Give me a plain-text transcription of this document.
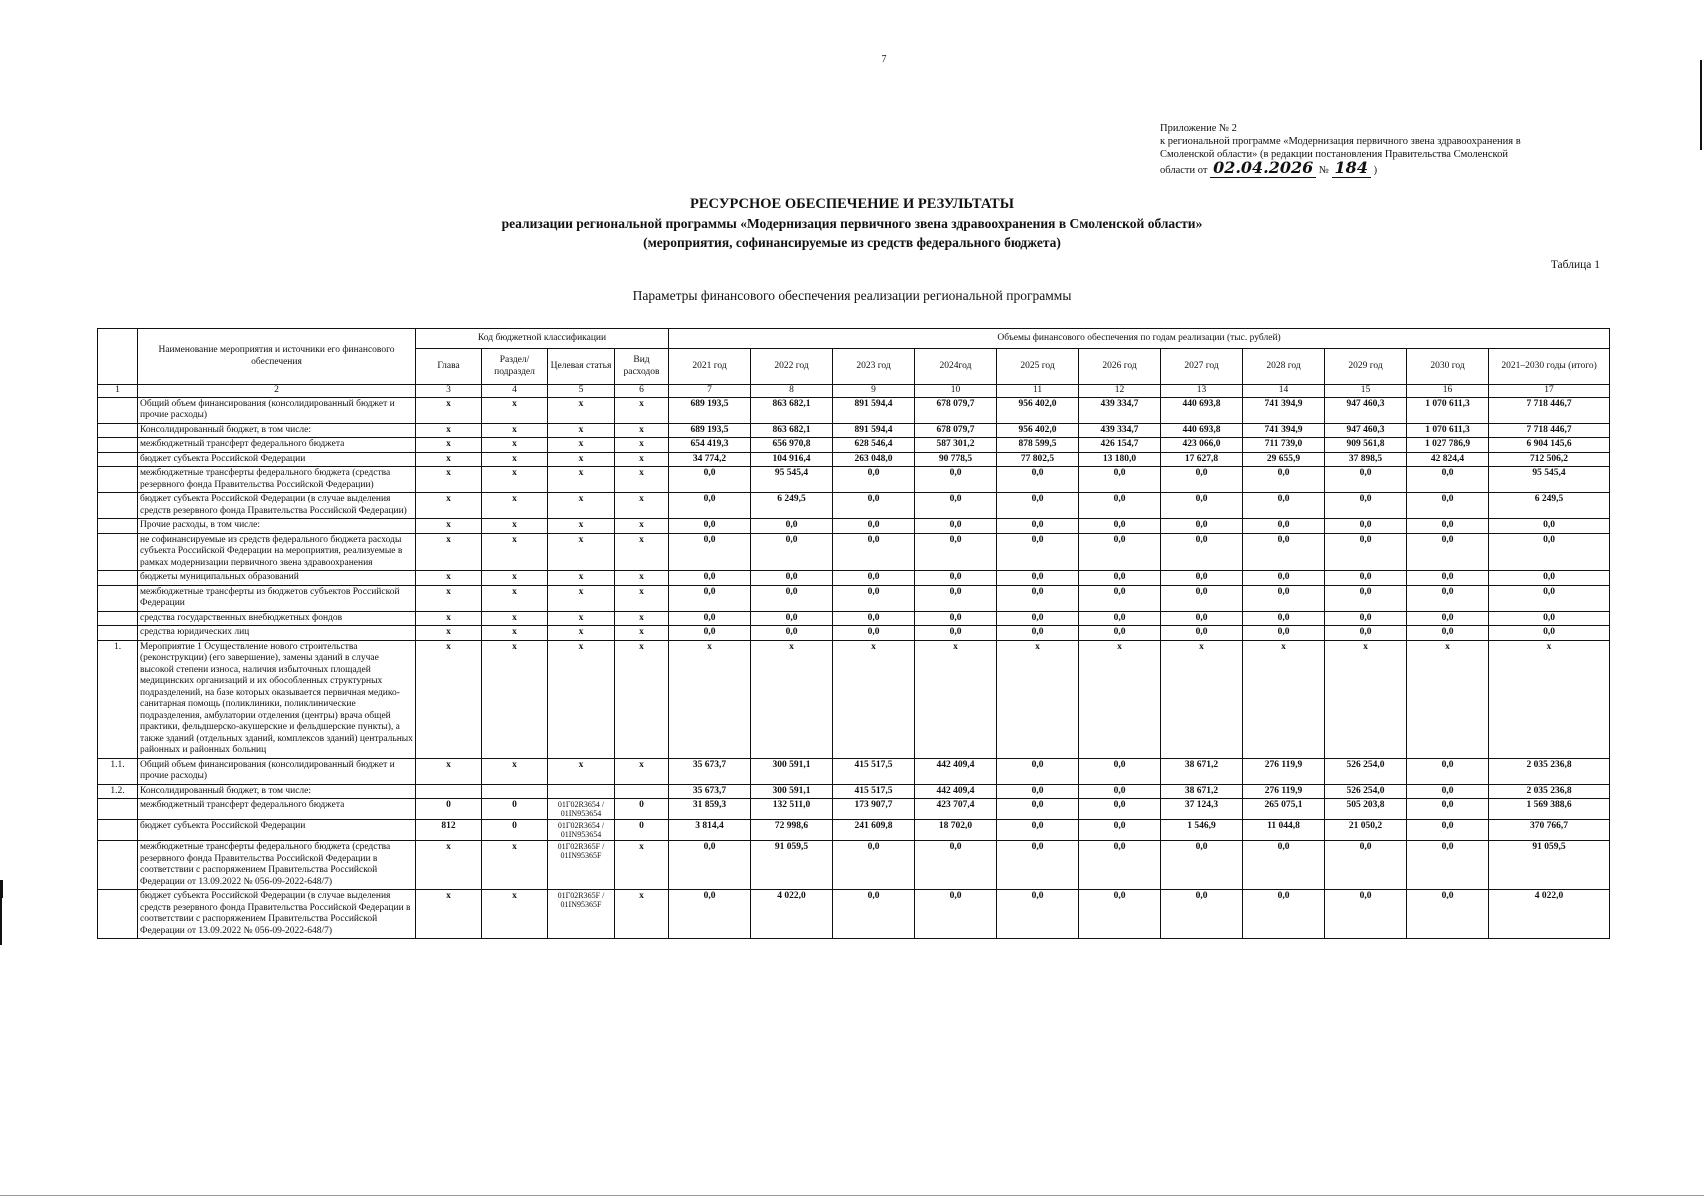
7
Приложение № 2
к региональной программе «Модернизация первичного звена здравоохранения в
Смоленской области» (в редакции постановления Правительства Смоленской
области от 02.04.2026 № 184 )
РЕСУРСНОЕ ОБЕСПЕЧЕНИЕ И РЕЗУЛЬТАТЫ
реализации региональной программы «Модернизация первичного звена здравоохранения в Смоленской области»
(мероприятия, софинансируемые из средств федерального бюджета)
Таблица 1
Параметры финансового обеспечения реализации региональной программы
	Наименование мероприятия и источники его финансового обеспечения	Код бюджетной классификации				Объемы финансового обеспечения по годам реализации (тыс. рублей)										
		Глава	Раздел/ подраздел	Целевая статья	Вид расходов	2021 год	2022 год	2023 год	2024год	2025 год	2026 год	2027 год	2028 год	2029 год	2030 год	2021–2030 годы (итого)
1	2	3	4	5	6	7	8	9	10	11	12	13	14	15	16	17
	Общий объем финансирования (консолидированный бюджет и прочие расходы)	x	x	x	x	689 193,5	863 682,1	891 594,4	678 079,7	956 402,0	439 334,7	440 693,8	741 394,9	947 460,3	1 070 611,3	7 718 446,7
	Консолидированный бюджет, в том числе:	x	x	x	x	689 193,5	863 682,1	891 594,4	678 079,7	956 402,0	439 334,7	440 693,8	741 394,9	947 460,3	1 070 611,3	7 718 446,7
	межбюджетный трансферт федерального бюджета	x	x	x	x	654 419,3	656 970,8	628 546,4	587 301,2	878 599,5	426 154,7	423 066,0	711 739,0	909 561,8	1 027 786,9	6 904 145,6
	бюджет субъекта Российской Федерации	x	x	x	x	34 774,2	104 916,4	263 048,0	90 778,5	77 802,5	13 180,0	17 627,8	29 655,9	37 898,5	42 824,4	712 506,2
	межбюджетные трансферты федерального бюджета (средства резервного фонда Правительства Российской Федерации)	x	x	x	x	0,0	95 545,4	0,0	0,0	0,0	0,0	0,0	0,0	0,0	0,0	95 545,4
	бюджет субъекта Российской Федерации (в случае выделения средств резервного фонда Правительства Российской Федерации)	x	x	x	x	0,0	6 249,5	0,0	0,0	0,0	0,0	0,0	0,0	0,0	0,0	6 249,5
	Прочие расходы, в том числе:	x	x	x	x	0,0	0,0	0,0	0,0	0,0	0,0	0,0	0,0	0,0	0,0	0,0
	не софинансируемые из средств федерального бюджета расходы субъекта Российской Федерации на мероприятия, реализуемые в рамках модернизации первичного звена здравоохранения	x	x	x	x	0,0	0,0	0,0	0,0	0,0	0,0	0,0	0,0	0,0	0,0	0,0
	бюджеты муниципальных образований	x	x	x	x	0,0	0,0	0,0	0,0	0,0	0,0	0,0	0,0	0,0	0,0	0,0
	межбюджетные трансферты из бюджетов субъектов Российской Федерации	x	x	x	x	0,0	0,0	0,0	0,0	0,0	0,0	0,0	0,0	0,0	0,0	0,0
	средства государственных внебюджетных фондов	x	x	x	x	0,0	0,0	0,0	0,0	0,0	0,0	0,0	0,0	0,0	0,0	0,0
	средства юридических лиц	x	x	x	x	0,0	0,0	0,0	0,0	0,0	0,0	0,0	0,0	0,0	0,0	0,0
1.	Мероприятие 1 Осуществление нового строительства (реконструкции) (его завершение), замены зданий в случае высокой степени износа, наличия избыточных площадей медицинских организаций и их обособленных структурных подразделений, на базе которых оказывается первичная медико-санитарная помощь (поликлиники, поликлинические подразделения, амбулатории отделения (центры) врача общей практики, фельдшерско-акушерские и фельдшерские пункты), а также зданий (отдельных зданий, комплексов зданий) центральных районных и районных больниц	x	x	x	x	x	x	x	x	x	x	x	x	x	x	x
1.1.	Общий объем финансирования (консолидированный бюджет и прочие расходы)	x	x	x	x	35 673,7	300 591,1	415 517,5	442 409,4	0,0	0,0	38 671,2	276 119,9	526 254,0	0,0	2 035 236,8
1.2.	Консолидированный бюджет, в том числе:					35 673,7	300 591,1	415 517,5	442 409,4	0,0	0,0	38 671,2	276 119,9	526 254,0	0,0	2 035 236,8
	межбюджетный трансферт федерального бюджета	0	0	01Г02R3654 / 01IN953654	0	31 859,3	132 511,0	173 907,7	423 707,4	0,0	0,0	37 124,3	265 075,1	505 203,8	0,0	1 569 388,6
	бюджет субъекта Российской Федерации	812	0	01Г02R3654 / 01IN953654	0	3 814,4	72 998,6	241 609,8	18 702,0	0,0	0,0	1 546,9	11 044,8	21 050,2	0,0	370 766,7
	межбюджетные трансферты федерального бюджета (средства резервного фонда Правительства Российской Федерации в соответствии с распоряжением Правительства Российской Федерации от 13.09.2022 № 056-09-2022-648/7)	x	x	01Г02R365F / 01IN95365F	x	0,0	91 059,5	0,0	0,0	0,0	0,0	0,0	0,0	0,0	0,0	91 059,5
	бюджет субъекта Российской Федерации (в случае выделения средств резервного фонда Правительства Российской Федерации в соответствии с распоряжением Правительства Российской Федерации от 13.09.2022 № 056-09-2022-648/7)	x	x	01Г02R365F / 01IN95365F	x	0,0	4 022,0	0,0	0,0	0,0	0,0	0,0	0,0	0,0	0,0	4 022,0
